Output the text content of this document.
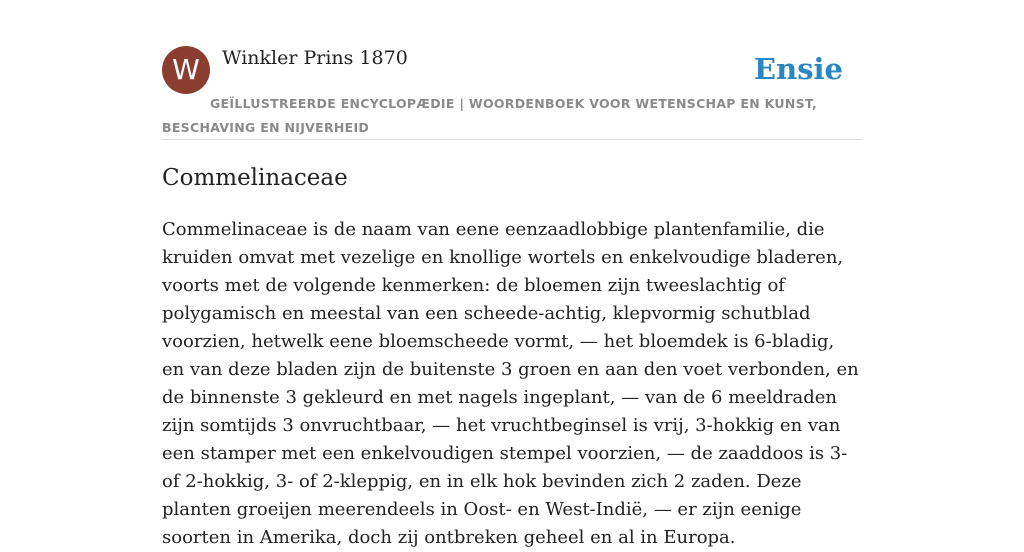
W	Winkler Prins 1870	Ensie
GEÏLLUSTREERDE ENCYCLOPÆDIE | WOORDENBOEK VOOR WETENSCHAP EN KUNST, BESCHAVING EN NIJVERHEID
Commelinaceae

Commelinaceae is de naam van eene eenzaadlobbige plantenfamilie, die kruiden omvat met vezelige en knollige wortels en enkelvoudige bladeren, voorts met de volgende kenmerken: de bloemen zijn tweeslachtig of polygamisch en meestal van een scheede-achtig, klepvormig schutblad voorzien, hetwelk eene bloemscheede vormt, — het bloemdek is 6-bladig, en van deze bladen zijn de buitenste 3 groen en aan den voet verbonden, en de binnenste 3 gekleurd en met nagels ingeplant, — van de 6 meeldraden zijn somtijds 3 onvruchtbaar, — het vruchtbeginsel is vrij, 3-hokkig en van een stamper met een enkelvoudigen stempel voorzien, — de zaaddoos is 3- of 2-hokkig, 3- of 2-kleppig, en in elk hok bevinden zich 2 zaden. Deze planten groeijen meerendeels in Oost- en West-Indië, — er zijn eenige soorten in Amerika, doch zij ontbreken geheel en al in Europa.
